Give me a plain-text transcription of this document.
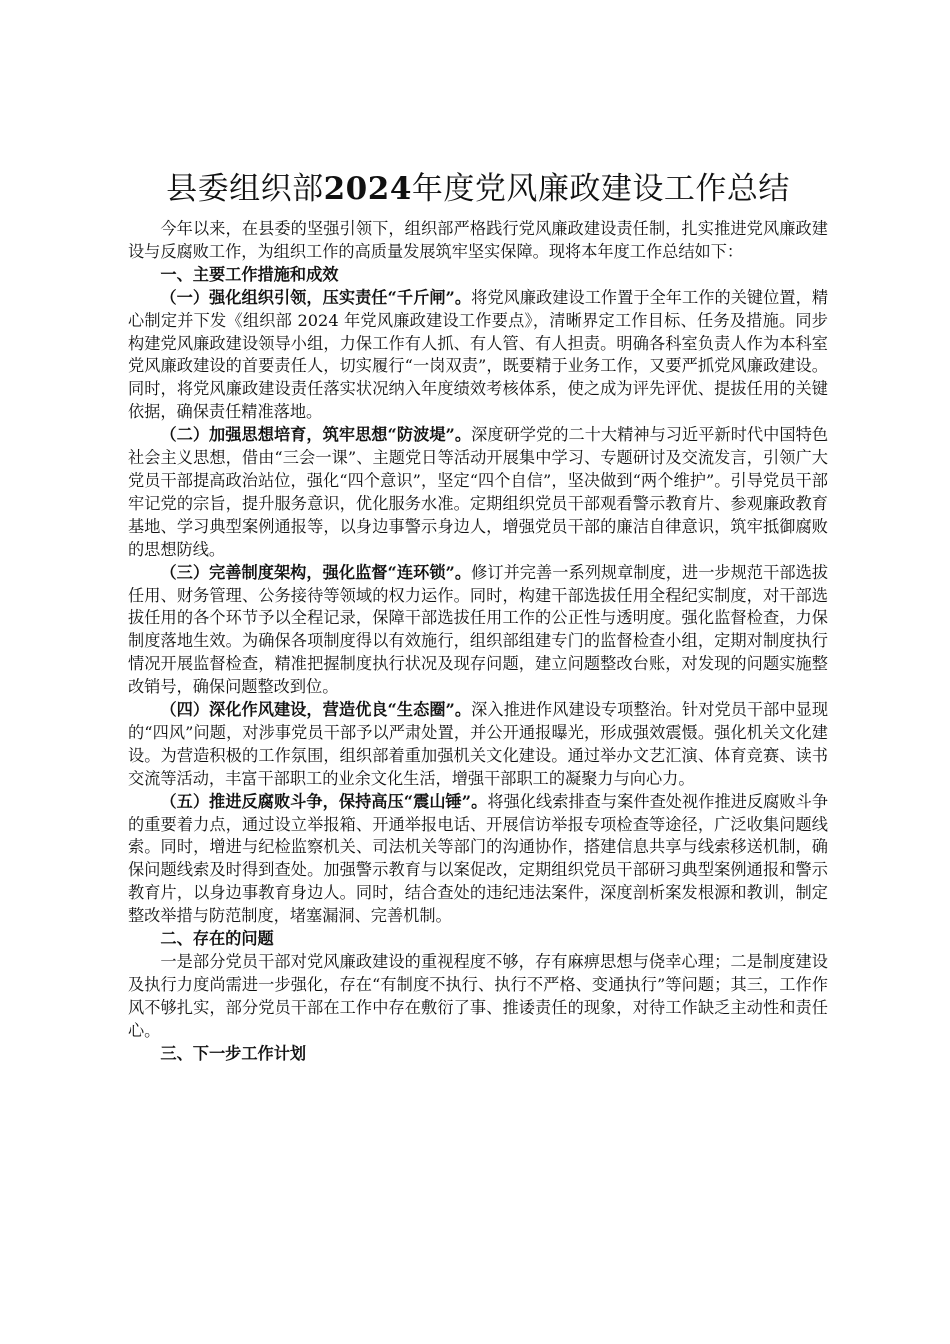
县委组织部2024年度党风廉政建设工作总结

今年以来，在县委的坚强引领下，组织部严格践行党风廉政建设责任制，扎实推进党风廉政建设与反腐败工作，为组织工作的高质量发展筑牢坚实保障。现将本年度工作总结如下：

一、主要工作措施和成效

（一）强化组织引领，压实责任“千斤闸”。将党风廉政建设工作置于全年工作的关键位置，精心制定并下发《组织部 2024 年党风廉政建设工作要点》，清晰界定工作目标、任务及措施。同步构建党风廉政建设领导小组，力保工作有人抓、有人管、有人担责。明确各科室负责人作为本科室党风廉政建设的首要责任人，切实履行“一岗双责”，既要精于业务工作，又要严抓党风廉政建设。同时，将党风廉政建设责任落实状况纳入年度绩效考核体系，使之成为评先评优、提拔任用的关键依据，确保责任精准落地。

（二）加强思想培育，筑牢思想“防波堤”。深度研学党的二十大精神与习近平新时代中国特色社会主义思想，借由“三会一课”、主题党日等活动开展集中学习、专题研讨及交流发言，引领广大党员干部提高政治站位，强化“四个意识”，坚定“四个自信”，坚决做到“两个维护”。引导党员干部牢记党的宗旨，提升服务意识，优化服务水准。定期组织党员干部观看警示教育片、参观廉政教育基地、学习典型案例通报等，以身边事警示身边人，增强党员干部的廉洁自律意识，筑牢抵御腐败的思想防线。

（三）完善制度架构，强化监督“连环锁”。修订并完善一系列规章制度，进一步规范干部选拔任用、财务管理、公务接待等领域的权力运作。同时，构建干部选拔任用全程纪实制度，对干部选拔任用的各个环节予以全程记录，保障干部选拔任用工作的公正性与透明度。强化监督检查，力保制度落地生效。为确保各项制度得以有效施行，组织部组建专门的监督检查小组，定期对制度执行情况开展监督检查，精准把握制度执行状况及现存问题，建立问题整改台账，对发现的问题实施整改销号，确保问题整改到位。

（四）深化作风建设，营造优良“生态圈”。深入推进作风建设专项整治。针对党员干部中显现的“四风”问题，对涉事党员干部予以严肃处置，并公开通报曝光，形成强效震慑。强化机关文化建设。为营造积极的工作氛围，组织部着重加强机关文化建设。通过举办文艺汇演、体育竞赛、读书交流等活动，丰富干部职工的业余文化生活，增强干部职工的凝聚力与向心力。

（五）推进反腐败斗争，保持高压“震山锤”。将强化线索排查与案件查处视作推进反腐败斗争的重要着力点，通过设立举报箱、开通举报电话、开展信访举报专项检查等途径，广泛收集问题线索。同时，增进与纪检监察机关、司法机关等部门的沟通协作，搭建信息共享与线索移送机制，确保问题线索及时得到查处。加强警示教育与以案促改，定期组织党员干部研习典型案例通报和警示教育片，以身边事教育身边人。同时，结合查处的违纪违法案件，深度剖析案发根源和教训，制定整改举措与防范制度，堵塞漏洞、完善机制。

二、存在的问题

一是部分党员干部对党风廉政建设的重视程度不够，存有麻痹思想与侥幸心理；二是制度建设及执行力度尚需进一步强化，存在“有制度不执行、执行不严格、变通执行”等问题；其三，工作作风不够扎实，部分党员干部在工作中存在敷衍了事、推诿责任的现象，对待工作缺乏主动性和责任心。

三、下一步工作计划
